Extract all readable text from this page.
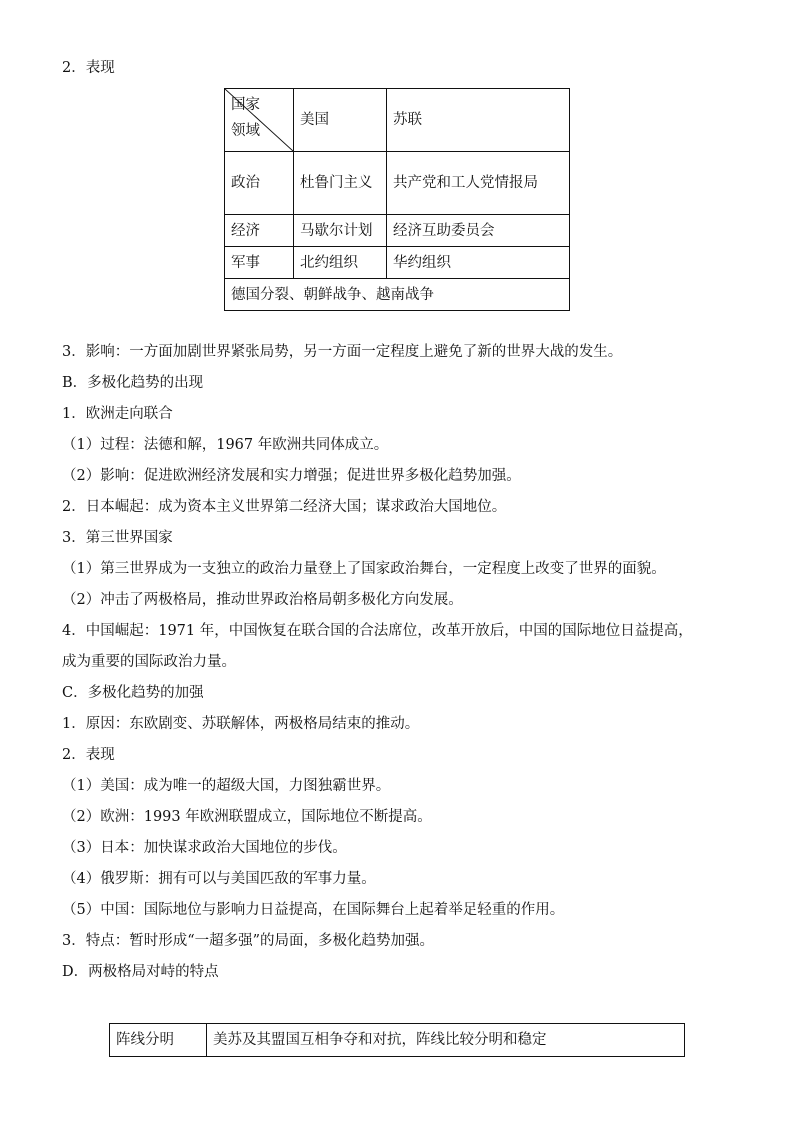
2．表现
国家
领域	美国	苏联
政治	杜鲁门主义	共产党和工人党情报局
经济	马歇尔计划	经济互助委员会
军事	北约组织	华约组织
德国分裂、朝鲜战争、越南战争		
3．影响：一方面加剧世界紧张局势，另一方面一定程度上避免了新的世界大战的发生。
B．多极化趋势的出现
1．欧洲走向联合
（1）过程：法德和解，1967 年欧洲共同体成立。
（2）影响：促进欧洲经济发展和实力增强；促进世界多极化趋势加强。
2．日本崛起：成为资本主义世界第二经济大国；谋求政治大国地位。
3．第三世界国家
（1）第三世界成为一支独立的政治力量登上了国家政治舞台，一定程度上改变了世界的面貌。
（2）冲击了两极格局，推动世界政治格局朝多极化方向发展。
4．中国崛起：1971 年，中国恢复在联合国的合法席位，改革开放后，中国的国际地位日益提高，
成为重要的国际政治力量。
C．多极化趋势的加强
1．原因：东欧剧变、苏联解体，两极格局结束的推动。
2．表现
（1）美国：成为唯一的超级大国，力图独霸世界。
（2）欧洲：1993 年欧洲联盟成立，国际地位不断提高。
（3）日本：加快谋求政治大国地位的步伐。
（4）俄罗斯：拥有可以与美国匹敌的军事力量。
（5）中国：国际地位与影响力日益提高，在国际舞台上起着举足轻重的作用。
3．特点：暂时形成“一超多强”的局面，多极化趋势加强。
D．两极格局对峙的特点
阵线分明	美苏及其盟国互相争夺和对抗，阵线比较分明和稳定
